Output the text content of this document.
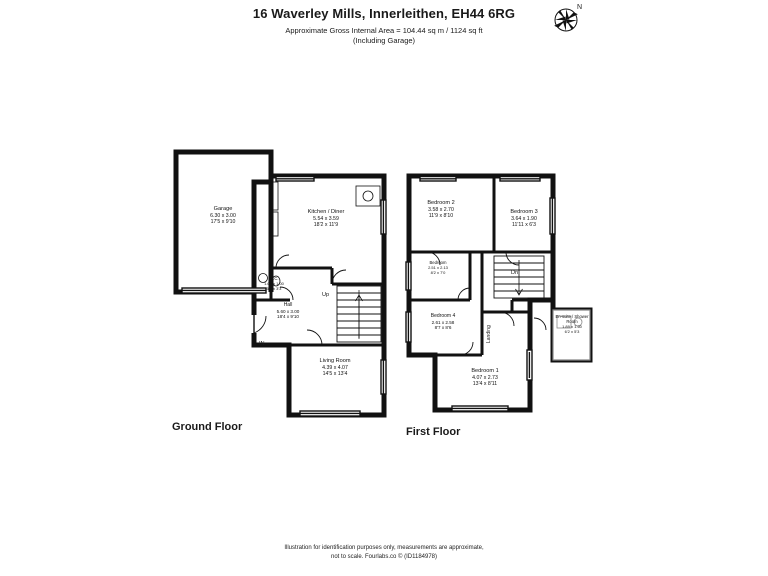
16 Waverley Mills, Innerleithen, EH44 6RG
Approximate Gross Internal Area = 104.44 sq m / 1124 sq ft
(Including Garage)
N
Garage
6.30 x 3.00
17'5 x 9'10
Kitchen / Diner
5.54 x 3.59
18'2 x 11'9
W.C.
1.65 x 1.00
5'5 x 3'3
Hall
5.60 x 3.00
18'4 x 9'10
Living Room
4.39 x 4.07
14'5 x 13'4
IN
Up
Bedroom 2
3.58 x 2.70
11'9 x 8'10
Bedroom 3
3.64 x 1.90
11'11 x 6'3
Bedroom
2.51 x 2.13
8'2 x 7'0
Bedroom 4
2.61 x 2.58
8'7 x 8'6
Bedroom 1
4.07 x 2.73
13'4 x 8'11
En-suite / Shower Room
1.89 x 1.60
6'2 x 5'3
Dn
Landing
Ground Floor	First Floor
Illustration for identification purposes only, measurements are approximate,
not to scale. Fourlabs.co © (ID1184978)
